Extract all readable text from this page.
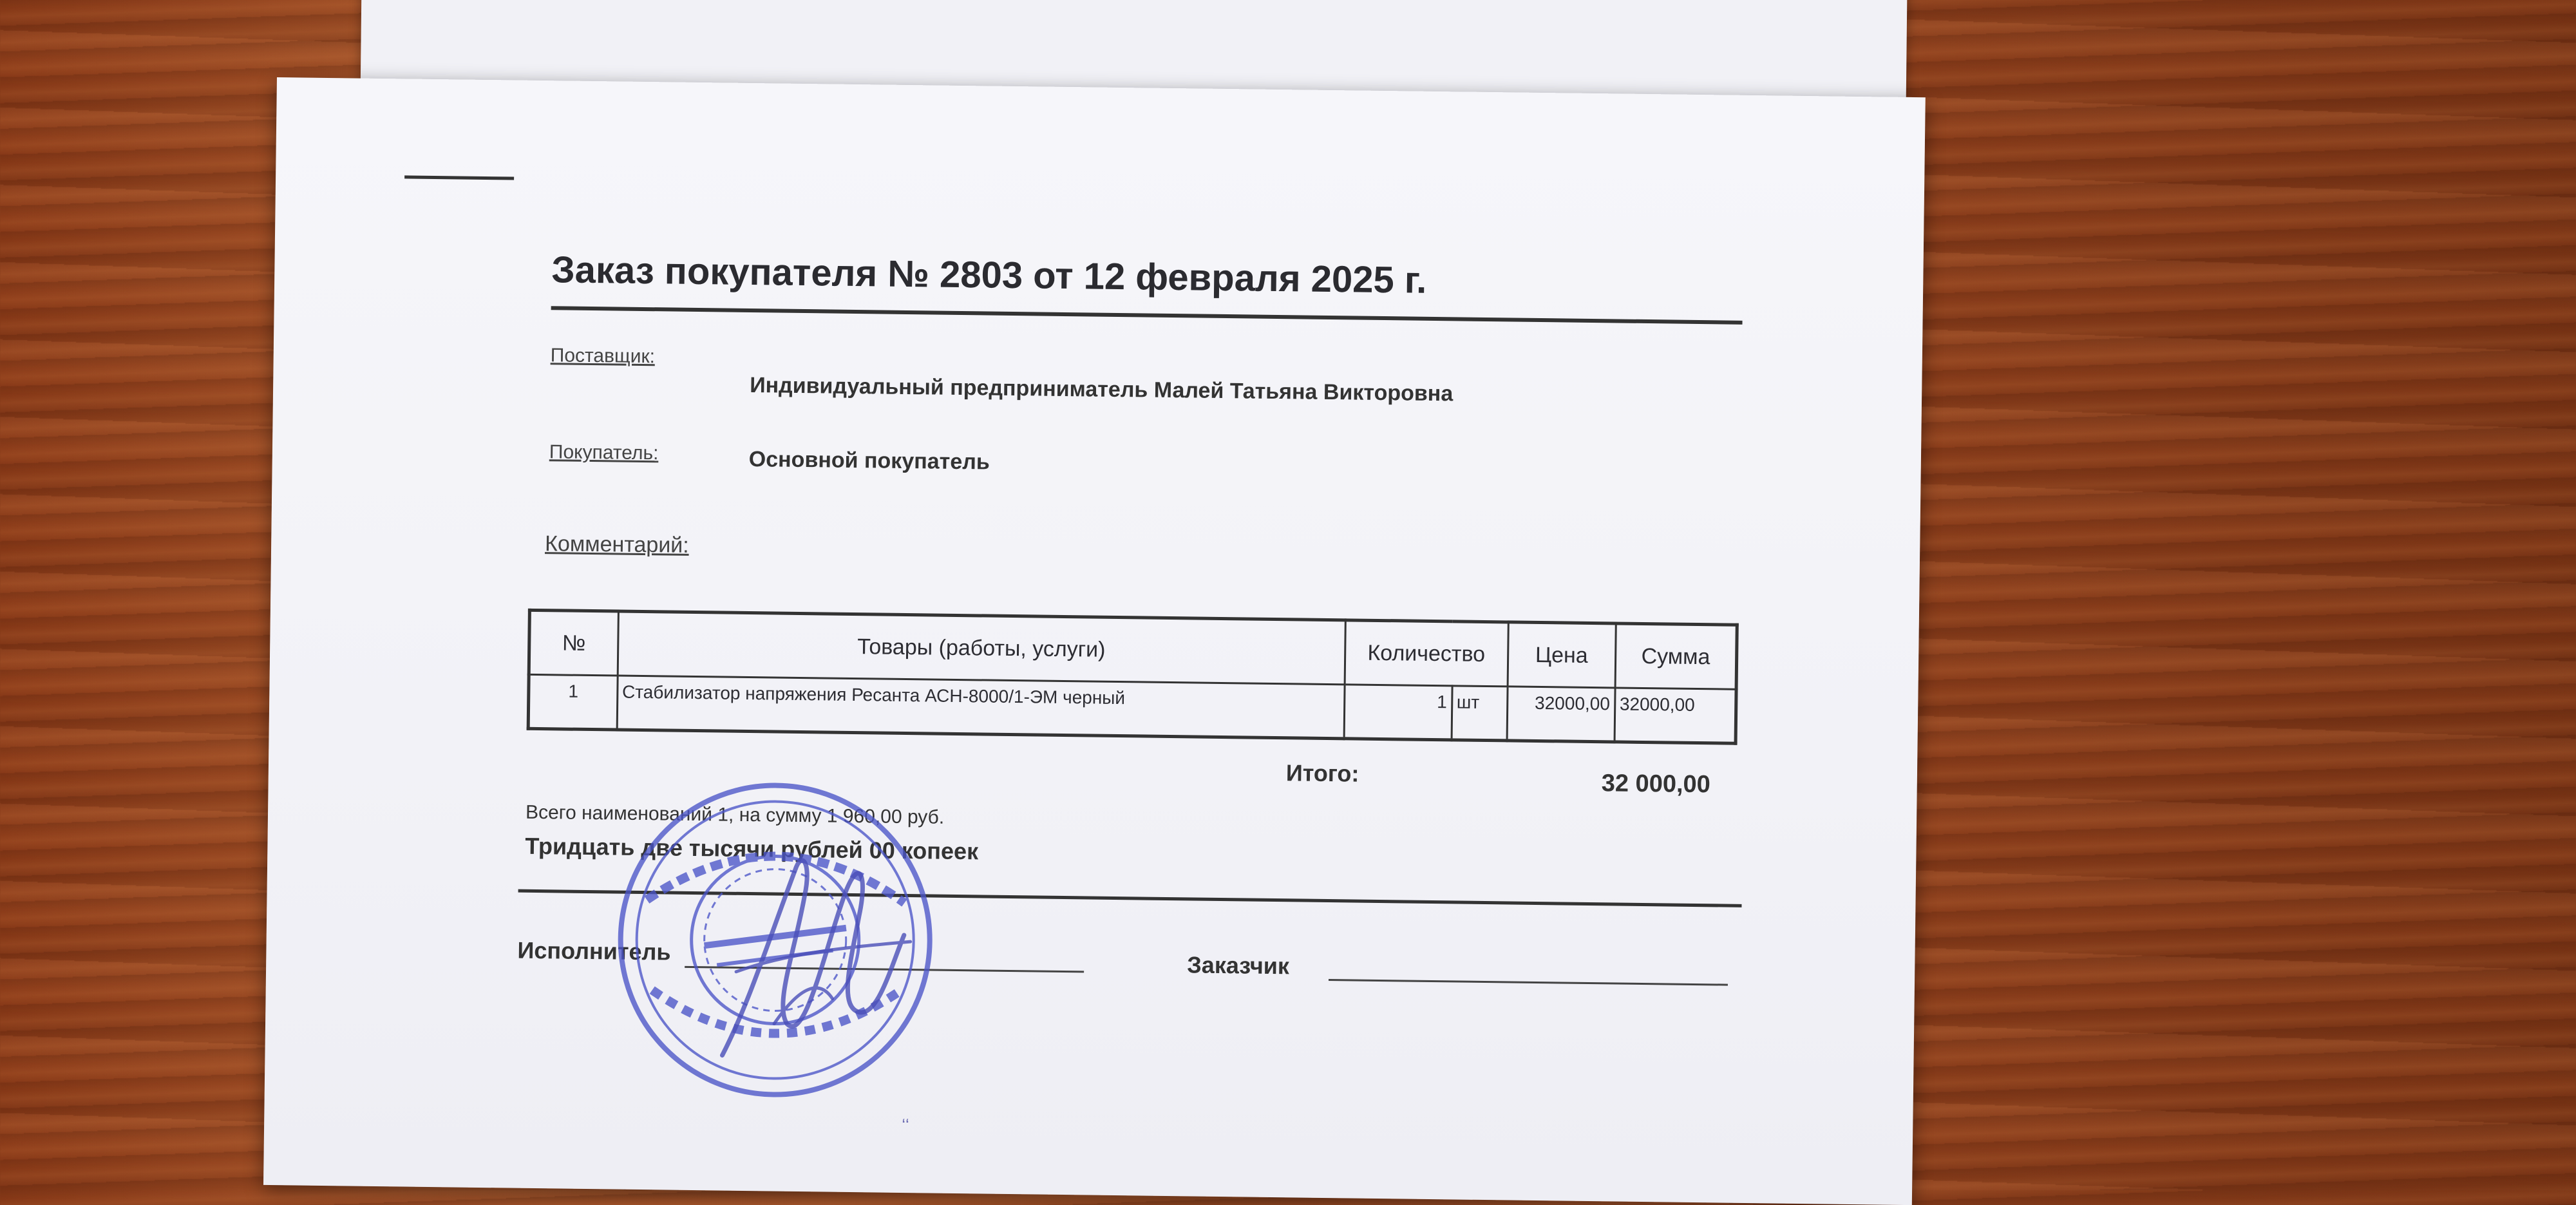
Заказ покупателя № 2803 от 12 февраля 2025 г.
Поставщик:
Индивидуальный предприниматель Малей Татьяна Викторовна
Покупатель:	Основной покупатель
Комментарий:
№	Товары (работы, услуги)	Количество		Цена	Сумма
1	Стабилизатор напряжения Ресанта АСН-8000/1-ЭМ черный	1	шт	32000,00	32000,00
Итого:	32 000,00
Всего наименований 1, на сумму 1 960,00 руб.
Тридцать две тысячи рублей 00 копеек
Исполнитель
Заказчик
ʻʻ
